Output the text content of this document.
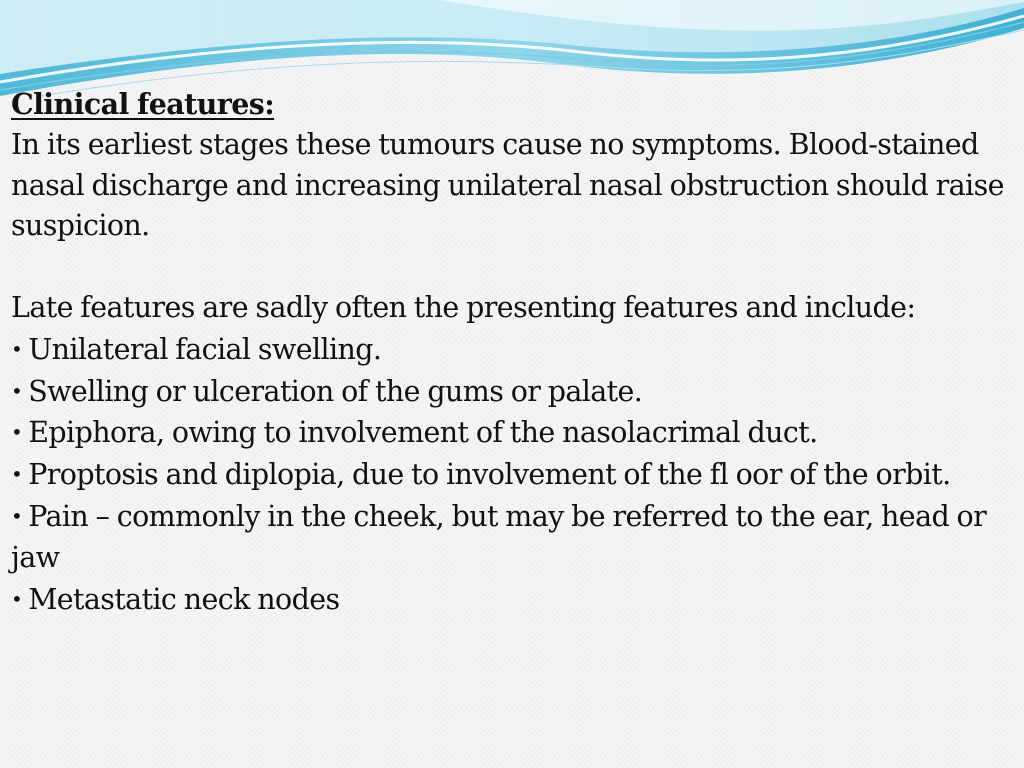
Clinical features:

In its earliest stages these tumours cause no symptoms. Blood-stained nasal discharge and increasing unilateral nasal obstruction should raise suspicion.

Late features are sadly often the presenting features and include:

• Unilateral facial swelling.
• Swelling or ulceration of the gums or palate.
• Epiphora, owing to involvement of the nasolacrimal duct.
• Proptosis and diplopia, due to involvement of the fl oor of the orbit.
• Pain – commonly in the cheek, but may be referred to the ear, head or jaw
• Metastatic neck nodes
